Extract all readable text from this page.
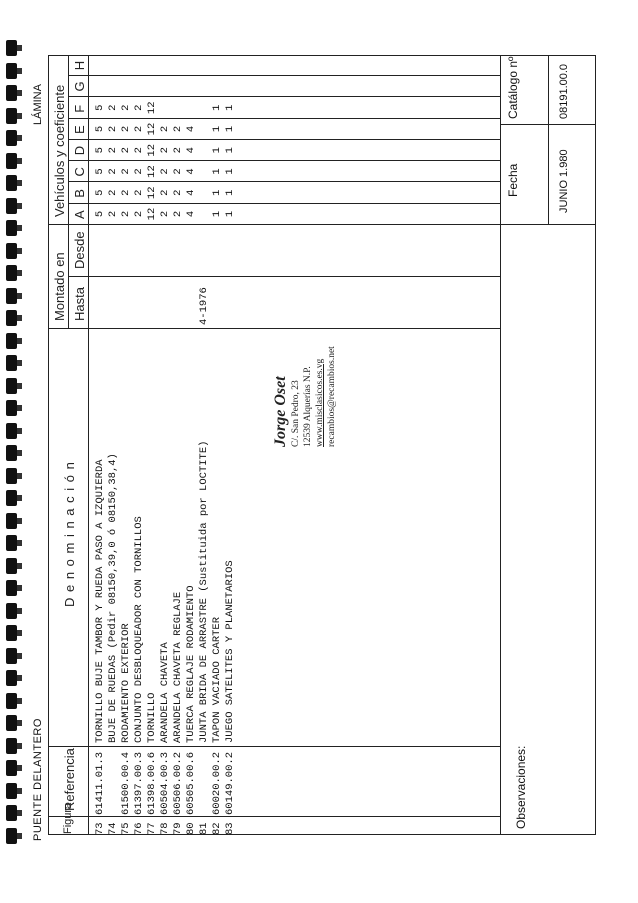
PUENTE DELANTERO
LÁMINA
Figura
Referencia
D e n o m i n a c i ó n
Montado en Hasta
Desde
Vehículos y coeficiente A
B
C
D
E
F
G
H
73
61411.01.3
TORNILLO BUJE TAMBOR Y RUEDA PASO A IZQUIERDA
5
5
5
5
5
5
74
BUJE DE RUEDAS (Pedir 08150,39,0 ó 08150,38,4)
2
2
2
2
2
2
75
61500.00.4
RODAMIENTO EXTERIOR
2
2
2
2
2
2
76
61397.00.3
CONJUNTO DESBLOQUEADOR CON TORNILLOS
2
2
2
2
2
2
77
61398.00.6
TORNILLO
12
12
12
12
12
12
78
60504.00.3
ARANDELA CHAVETA
2
2
2
2
2
79
60506.00.2
ARANDELA CHAVETA REGLAJE
2
2
2
2
2
80
60505.00.6
TUERCA REGLAJE RODAMIENTO
4
4
4
4
4
81
JUNTA BRIDA DE ARRASTRE (Sustituida por LOCTITE)
4-1976
82
60020.00.2
TAPON VACIADO CARTER
1
1
1
1
1
1
83
60149.00.2
JUEGO SATELITES Y PLANETARIOS
1
1
1
1
1
1
Jorge Oset C/. San Pedro, 23 12539 Alquerías N.P. www.misclasicos.es.vg recambios@recambios.net
Observaciones:
Fecha	JUNIO 1.980
Catálogo nº	08191.00.0
